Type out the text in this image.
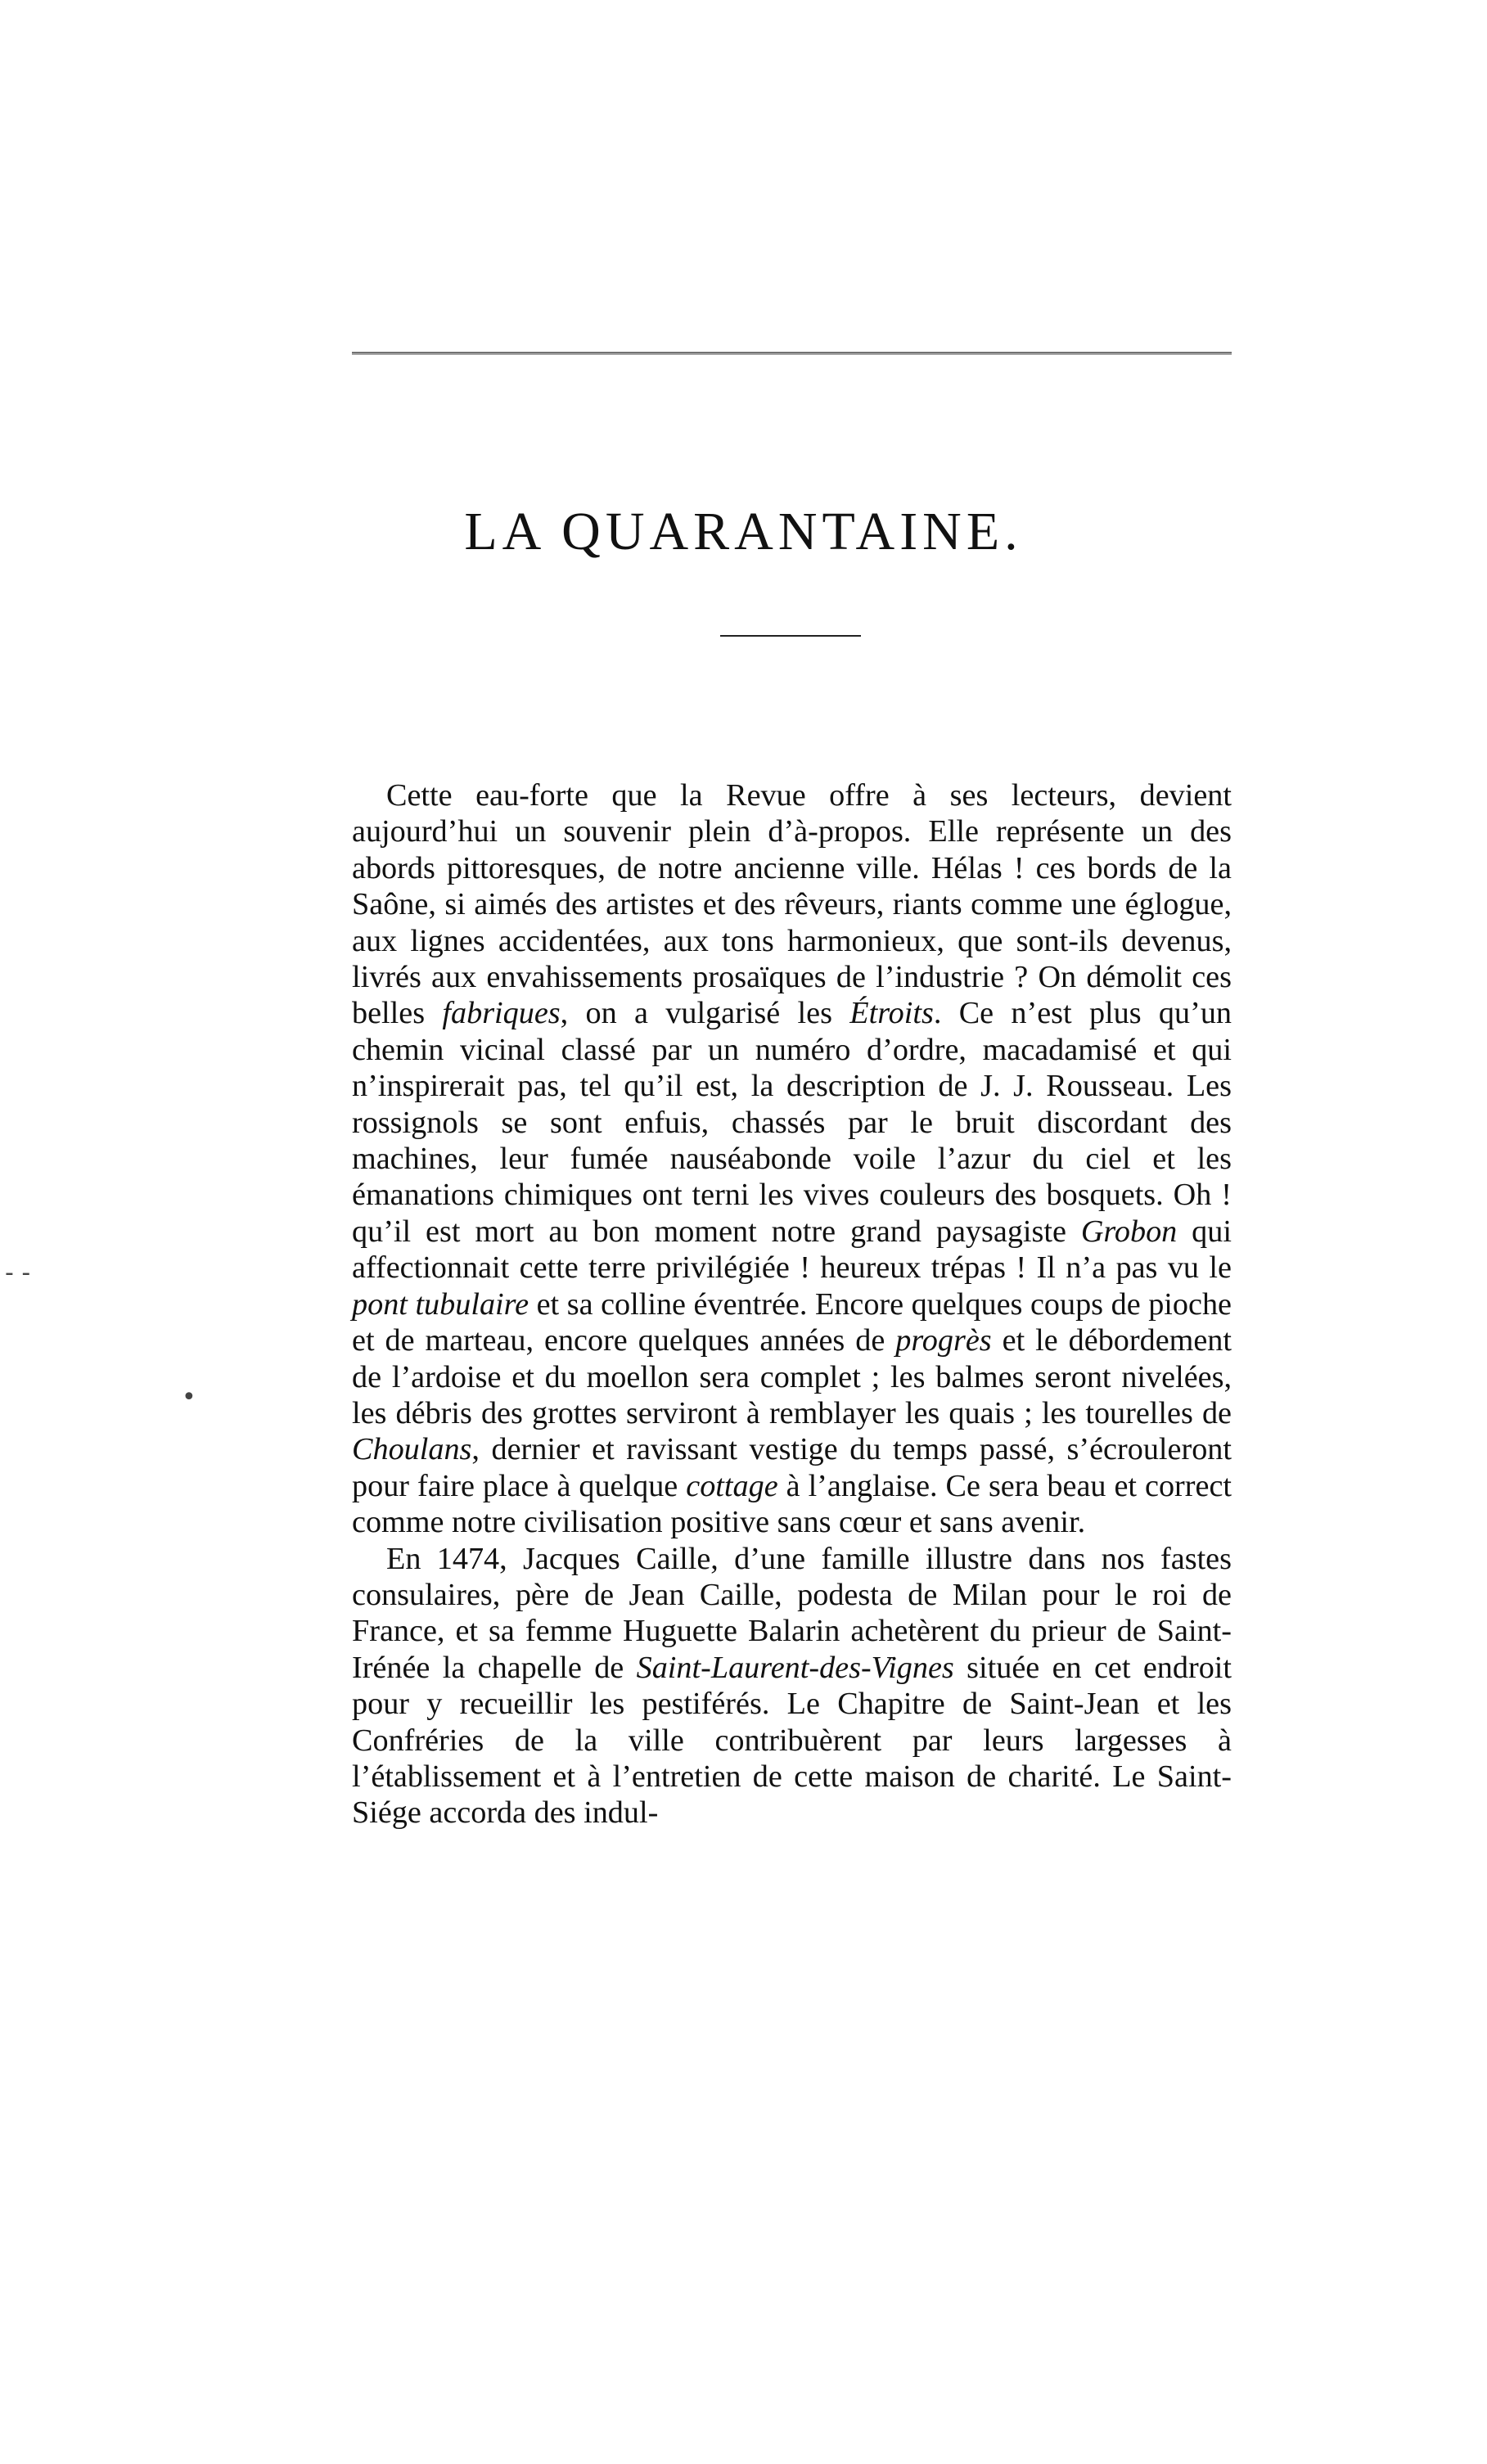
LA QUARANTAINE.

Cette eau-forte que la Revue offre à ses lecteurs, devient aujourd’hui un souvenir plein d’à-propos. Elle représente un des abords pittoresques, de notre ancienne ville. Hélas ! ces bords de la Saône, si aimés des artistes et des rêveurs, riants comme une églogue, aux lignes accidentées, aux tons harmonieux, que sont-ils devenus, livrés aux envahissements prosaïques de l’industrie ? On démolit ces belles fabriques, on a vulgarisé les Étroits. Ce n’est plus qu’un chemin vicinal classé par un numéro d’ordre, macadamisé et qui n’inspirerait pas, tel qu’il est, la description de J. J. Rousseau. Les rossignols se sont enfuis, chassés par le bruit discordant des machines, leur fumée nauséabonde voile l’azur du ciel et les émanations chimiques ont terni les vives couleurs des bosquets. Oh ! qu’il est mort au bon moment notre grand paysagiste Grobon qui affectionnait cette terre privilégiée ! heureux trépas ! Il n’a pas vu le pont tubulaire et sa colline éventrée. Encore quelques coups de pioche et de marteau, encore quelques années de progrès et le débordement de l’ardoise et du moellon sera complet ; les balmes seront nivelées, les débris des grottes serviront à remblayer les quais ; les tourelles de Choulans, dernier et ravissant vestige du temps passé, s’écrouleront pour faire place à quelque cottage à l’anglaise. Ce sera beau et correct comme notre civilisation positive sans cœur et sans avenir.

En 1474, Jacques Caille, d’une famille illustre dans nos fastes consulaires, père de Jean Caille, podesta de Milan pour le roi de France, et sa femme Huguette Balarin achetèrent du prieur de Saint-Irénée la chapelle de Saint-Laurent-des-Vignes située en cet endroit pour y recueillir les pestiférés. Le Chapitre de Saint-Jean et les Confréries de la ville contribuèrent par leurs largesses à l’établissement et à l’entretien de cette maison de charité. Le Saint-Siége accorda des indul-

- ‐
•
